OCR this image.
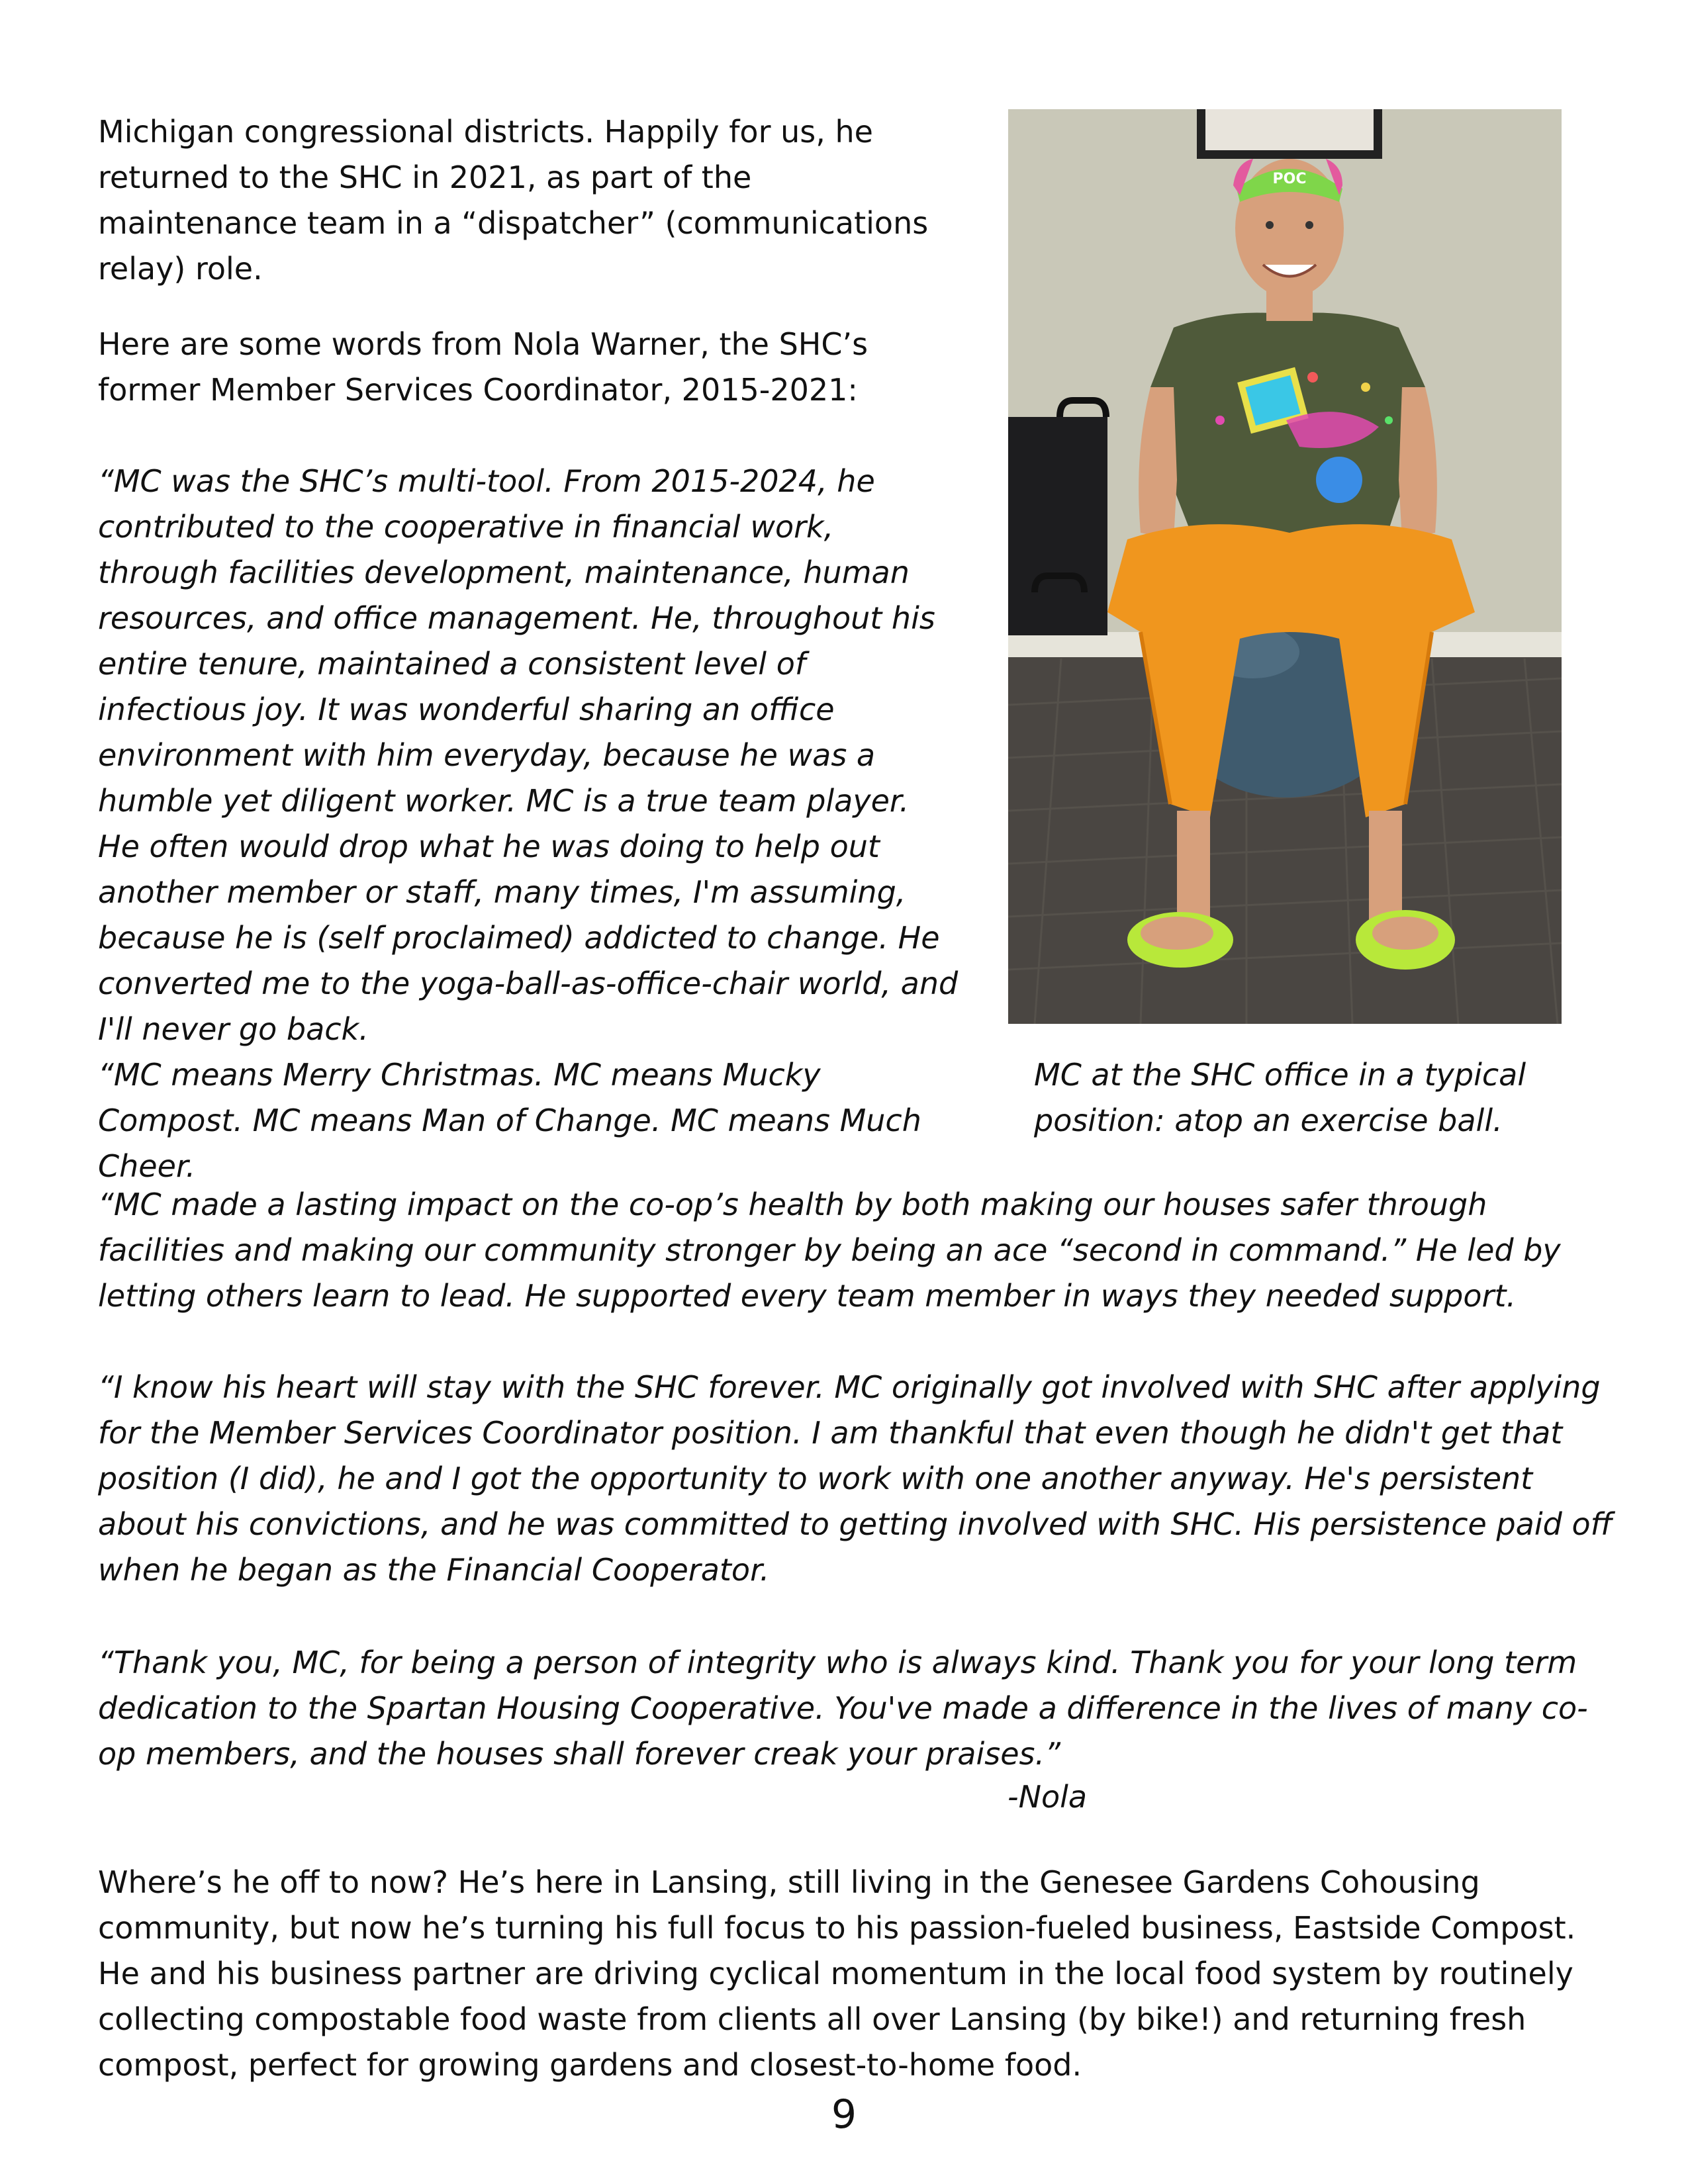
Michigan congressional districts. Happily for us, he returned to the SHC in 2021, as part of the maintenance team in a “dispatcher” (communications relay) role.

Here are some words from Nola Warner, the SHC’s former Member Services Coordinator, 2015-2021:

“MC was the SHC’s multi-tool. From 2015-2024, he contributed to the cooperative in financial work, through facilities development, maintenance, human resources, and office management. He, throughout his entire tenure, maintained a consistent level of infectious joy. It was wonderful sharing an office environment with him everyday, because he was a humble yet diligent worker. MC is a true team player. He often would drop what he was doing to help out another member or staff, many times, I'm assuming, because he is (self proclaimed) addicted to change. He converted me to the yoga-ball-as-office-chair world, and I'll never go back.

“MC means Merry Christmas. MC means Mucky Compost. MC means Man of Change. MC means Much Cheer.

POC

MC at the SHC office in a typical position: atop an exercise ball.

“MC made a lasting impact on the co-op’s health by both making our houses safer through facilities and making our community stronger by being an ace “second in command.” He led by letting others learn to lead. He supported every team member in ways they needed support.

“I know his heart will stay with the SHC forever. MC originally got involved with SHC after applying for the Member Services Coordinator position. I am thankful that even though he didn't get that position (I did), he and I got the opportunity to work with one another anyway. He's persistent about his convictions, and he was committed to getting involved with SHC. His persistence paid off when he began as the Financial Cooperator.

“Thank you, MC, for being a person of integrity who is always kind. Thank you for your long term dedication to the Spartan Housing Cooperative. You've made a difference in the lives of many co-op members, and the houses shall forever creak your praises.”

-Nola

Where’s he off to now? He’s here in Lansing, still living in the Genesee Gardens Cohousing community, but now he’s turning his full focus to his passion-fueled business, Eastside Compost. He and his business partner are driving cyclical momentum in the local food system by routinely collecting compostable food waste from clients all over Lansing (by bike!) and returning fresh compost, perfect for growing gardens and closest-to-home food.

9
